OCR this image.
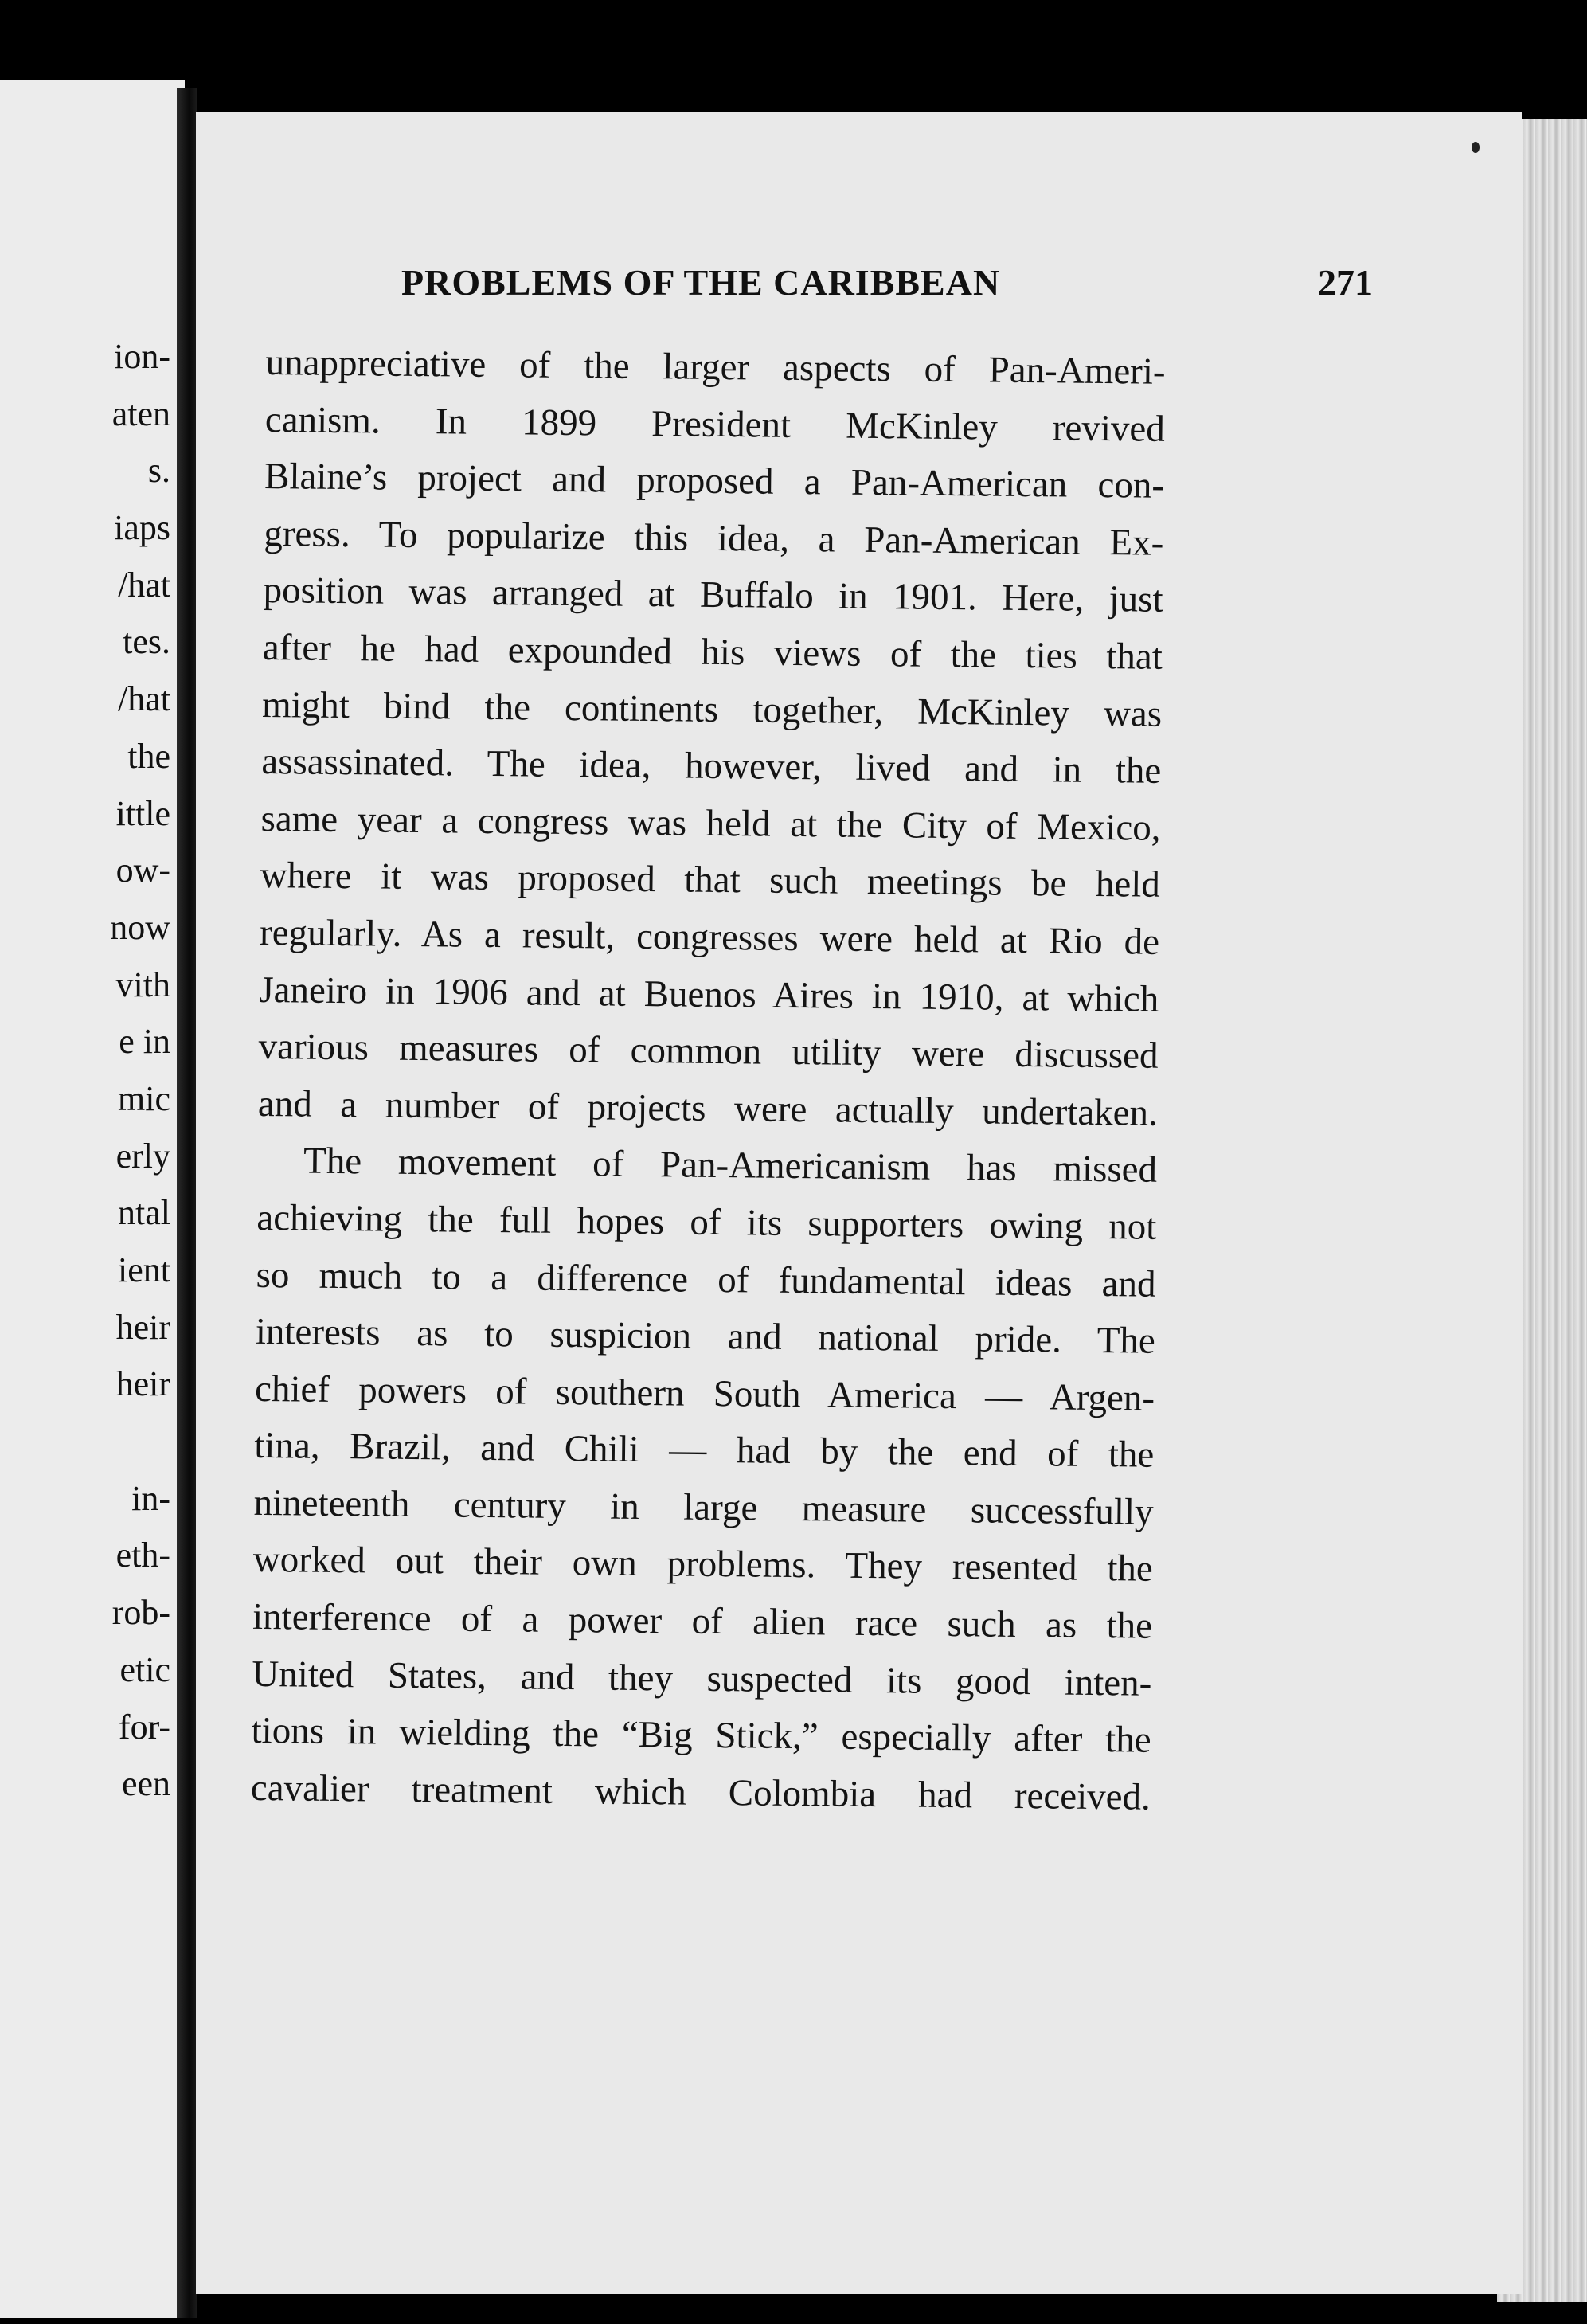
ion-
aten
s.
iaps
/hat
tes.
/hat
the
ittle
ow-
now
vith
e in
mic
erly
ntal
ient
heir
heir
in-
eth-
rob-
etic
for-
een
PROBLEMS OF THE CARIBBEAN	271
unappreciative of the larger aspects of Pan-Ameri-
canism. In 1899 President McKinley revived
Blaine’s project and proposed a Pan-American con-
gress. To popularize this idea, a Pan-American Ex-
position was arranged at Buffalo in 1901. Here, just
after he had expounded his views of the ties that
might bind the continents together, McKinley was
assassinated. The idea, however, lived and in the
same year a congress was held at the City of Mexico,
where it was proposed that such meetings be held
regularly. As a result, congresses were held at Rio de
Janeiro in 1906 and at Buenos Aires in 1910, at which
various measures of common utility were discussed
and a number of projects were actually undertaken.
The movement of Pan-Americanism has missed
achieving the full hopes of its supporters owing not
so much to a difference of fundamental ideas and
interests as to suspicion and national pride. The
chief powers of southern South America — Argen-
tina, Brazil, and Chili — had by the end of the
nineteenth century in large measure successfully
worked out their own problems. They resented the
interference of a power of alien race such as the
United States, and they suspected its good inten-
tions in wielding the “Big Stick,” especially after the
cavalier treatment which Colombia had received.
